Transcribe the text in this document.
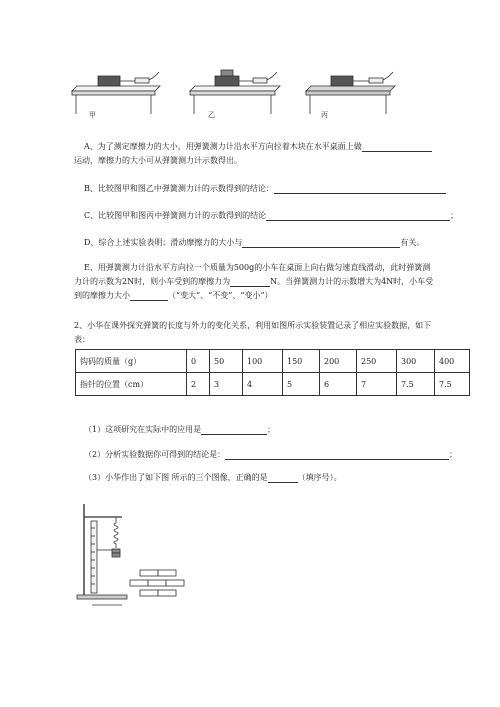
甲	乙	丙
A、为了测定摩擦力的大小，用弹簧测力计沿水平方向拉着木块在水平桌面上做
运动，摩擦力的大小可从弹簧测力计示数得出。
B、比较图甲和图乙中弹簧测力计的示数得到的结论：
C、比较图甲和图丙中弹簧测力计的示数得到的结论	；
D、综合上述实验表明：滑动摩擦力的大小与	有关。
E、用弹簧测力计沿水平方向拉一个质量为500g的小车在桌面上向右做匀速直线滑动，此时弹簧测
力计的示数为2N时，则小车受到的摩擦力为	N。当弹簧测力计的示数增大为4N时，小车受
到的摩擦力大小	（“变大”、“不变”、“变小”）
2、小华在课外探究弹簧的长度与外力的变化关系，利用如图所示实验装置记录了相应实验数据，如下
表：
钩码的质量（g）	0	50	100	150	200	250	300	400
指针的位置（cm）	2	3	4	5	6	7	7.5	7.5
（1）这项研究在实际中的应用是	；
（2）分析实验数据你可得到的结论是：	；
（3）小华作出了如下图 所示的三个图像，正确的是	（填序号）。
